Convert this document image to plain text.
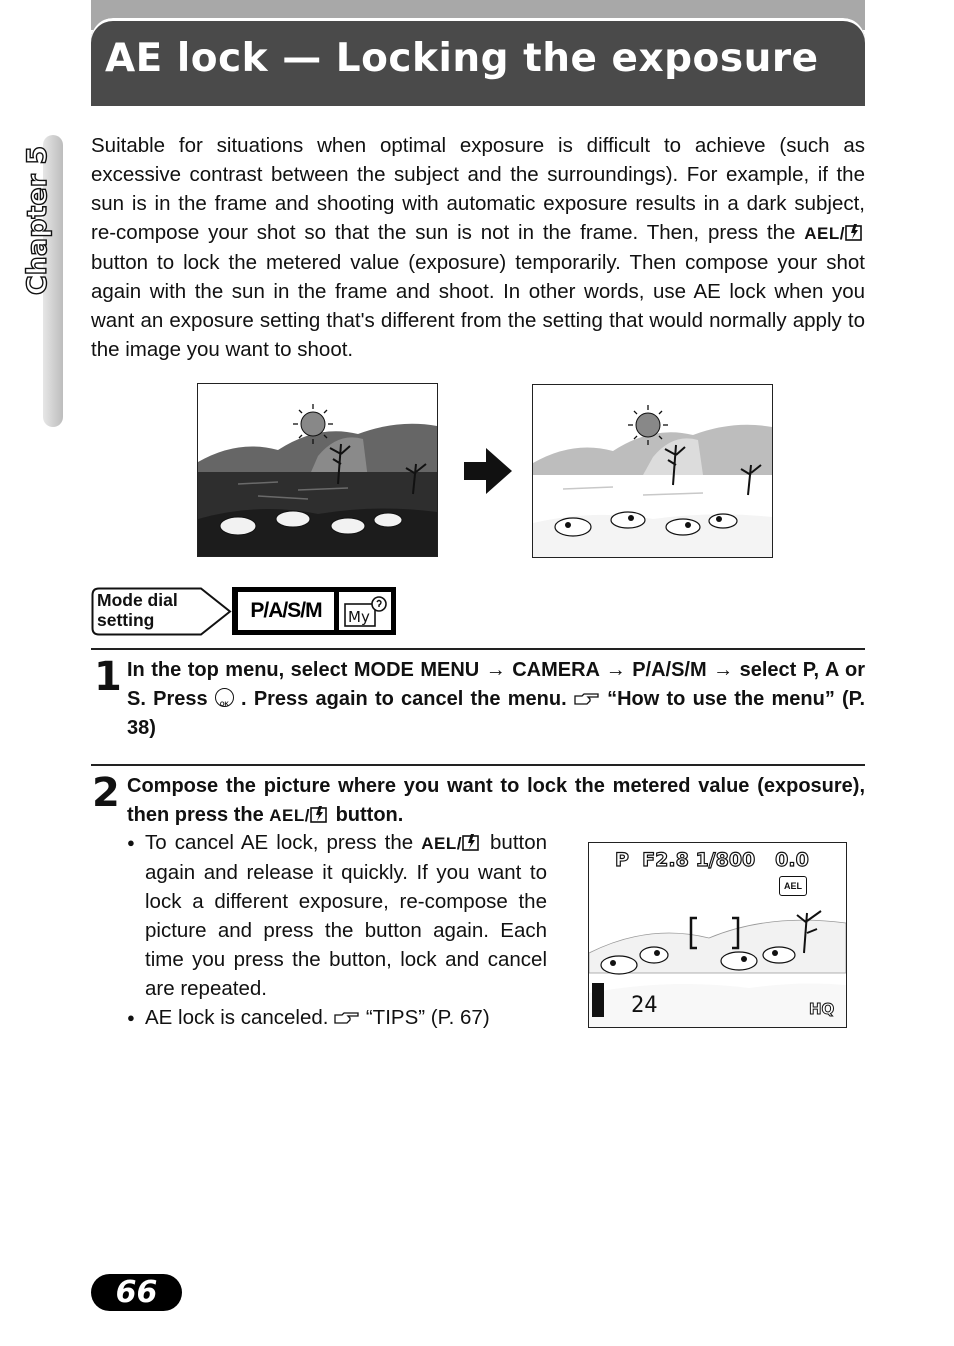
AE lock — Locking the exposure
Chapter 5 Suitable for situations when optimal exposure is difficult to achieve (such as excessive contrast between the subject and the surroundings). For example, if the sun is in the frame and shooting with automatic exposure results in a dark subject, re-compose your shot so that the sun is not in the frame. Then, press the AEL/ button to lock the metered value (exposure) temporarily. Then compose your shot again with the sun in the frame and shoot. In other words, use AE lock when you want an exposure setting that's different from the setting that would normally apply to the image you want to shoot.

Mode dial
setting	P/A/S/M	My
1 In the top menu, select MODE MENU → CAMERA → P/A/S/M → select P, A or S. Press OK . Press again to cancel the menu. “How to use the menu” (P. 38)

2 Compose the picture where you want to lock the metered value (exposure), then press the AEL/ button.

● To cancel AE lock, press the AEL/ button again and release it quickly. If you want to lock a different exposure, re-compose the picture and press the button again. Each time you press the button, lock and cancel are repeated.
● AE lock is canceled. “TIPS” (P. 67)
P F2.8 1/800 0.0
AEL
24	HQ
66
